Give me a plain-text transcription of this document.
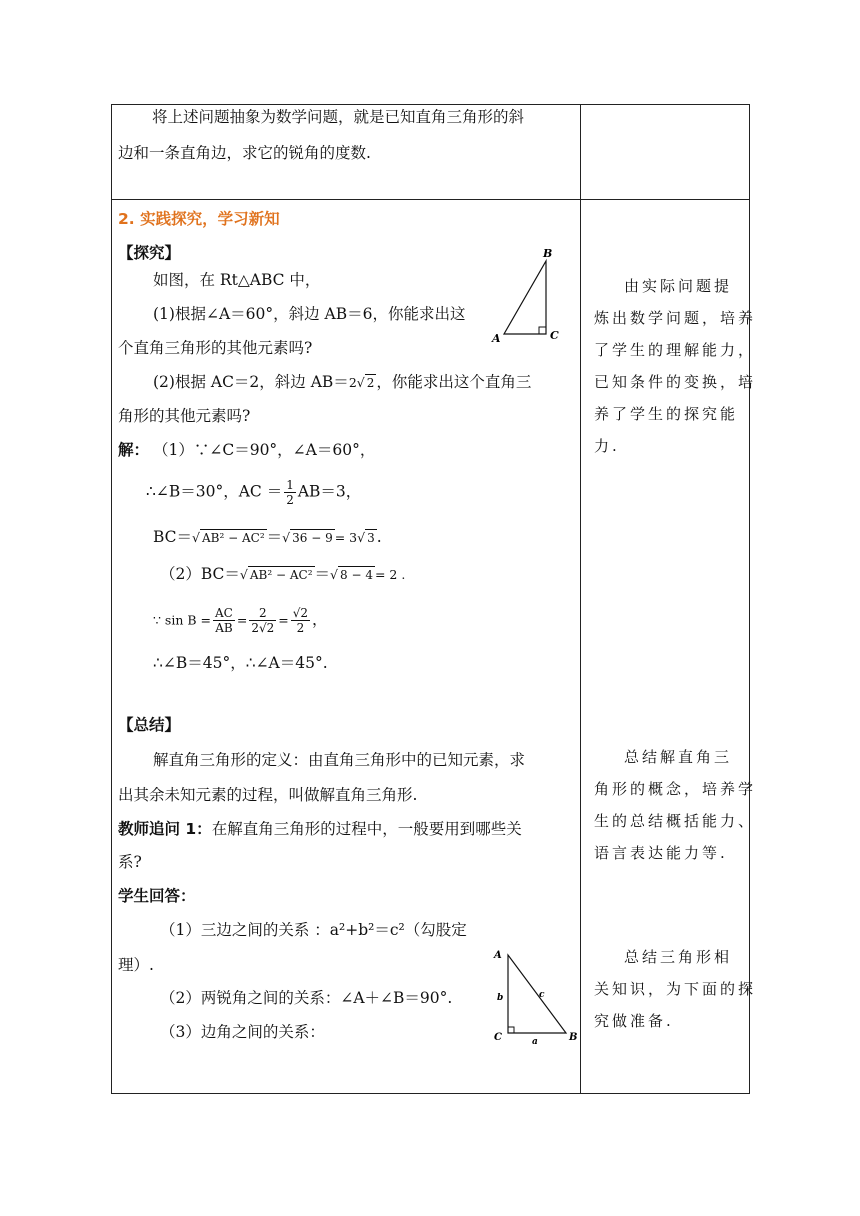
将上述问题抽象为数学问题，就是已知直角三角形的斜
边和一条直角边，求它的锐角的度数.
2. 实践探究，学习新知
【探究】
如图，在 Rt△ABC 中，
(1)根据∠A＝60°，斜边 AB＝6，你能求出这
个直角三角形的其他元素吗?
(2)根据 AC＝2，斜边 AB＝2√ 2 ，你能求出这个直角三
角形的其他元素吗?
A
B
C
解： （1）∵∠C＝90°，∠A＝60°，
∴∠B＝30°，AC ＝ $\frac{1}{2} AB=3$，
BC＝√ AB² − AC² ＝√ 36 − 9 = 3√ 3 .
（2）BC＝√ AB² − AC² ＝√ 8 − 4 = 2 .
∵ $\sin B = \frac{AC}{AB} = \frac{2}{2√2} = \frac{√2}{2}$ ，
∴∠B＝45°，∴∠A＝45°.
由实际问题提
炼出数学问题，培养
了学生的理解能力，
已知条件的变换，培
养了学生的探究能
力.
【总结】
解直角三角形的定义：由直角三角形中的已知元素，求
出其余未知元素的过程，叫做解直角三角形.
教师追问 1：在解直角三角形的过程中，一般要用到哪些关
系?
学生回答：
（1）三边之间的关系 ：a²+b²＝c²（勾股定
理）.
（2）两锐角之间的关系：∠A＋∠B＝90°.
（3）边角之间的关系：
A
C	B
a
b	c
总结解直角三
角形的概念，培养学
生的总结概括能力、
语言表达能力等.
总结三角形相
关知识，为下面的探
究做准备.
